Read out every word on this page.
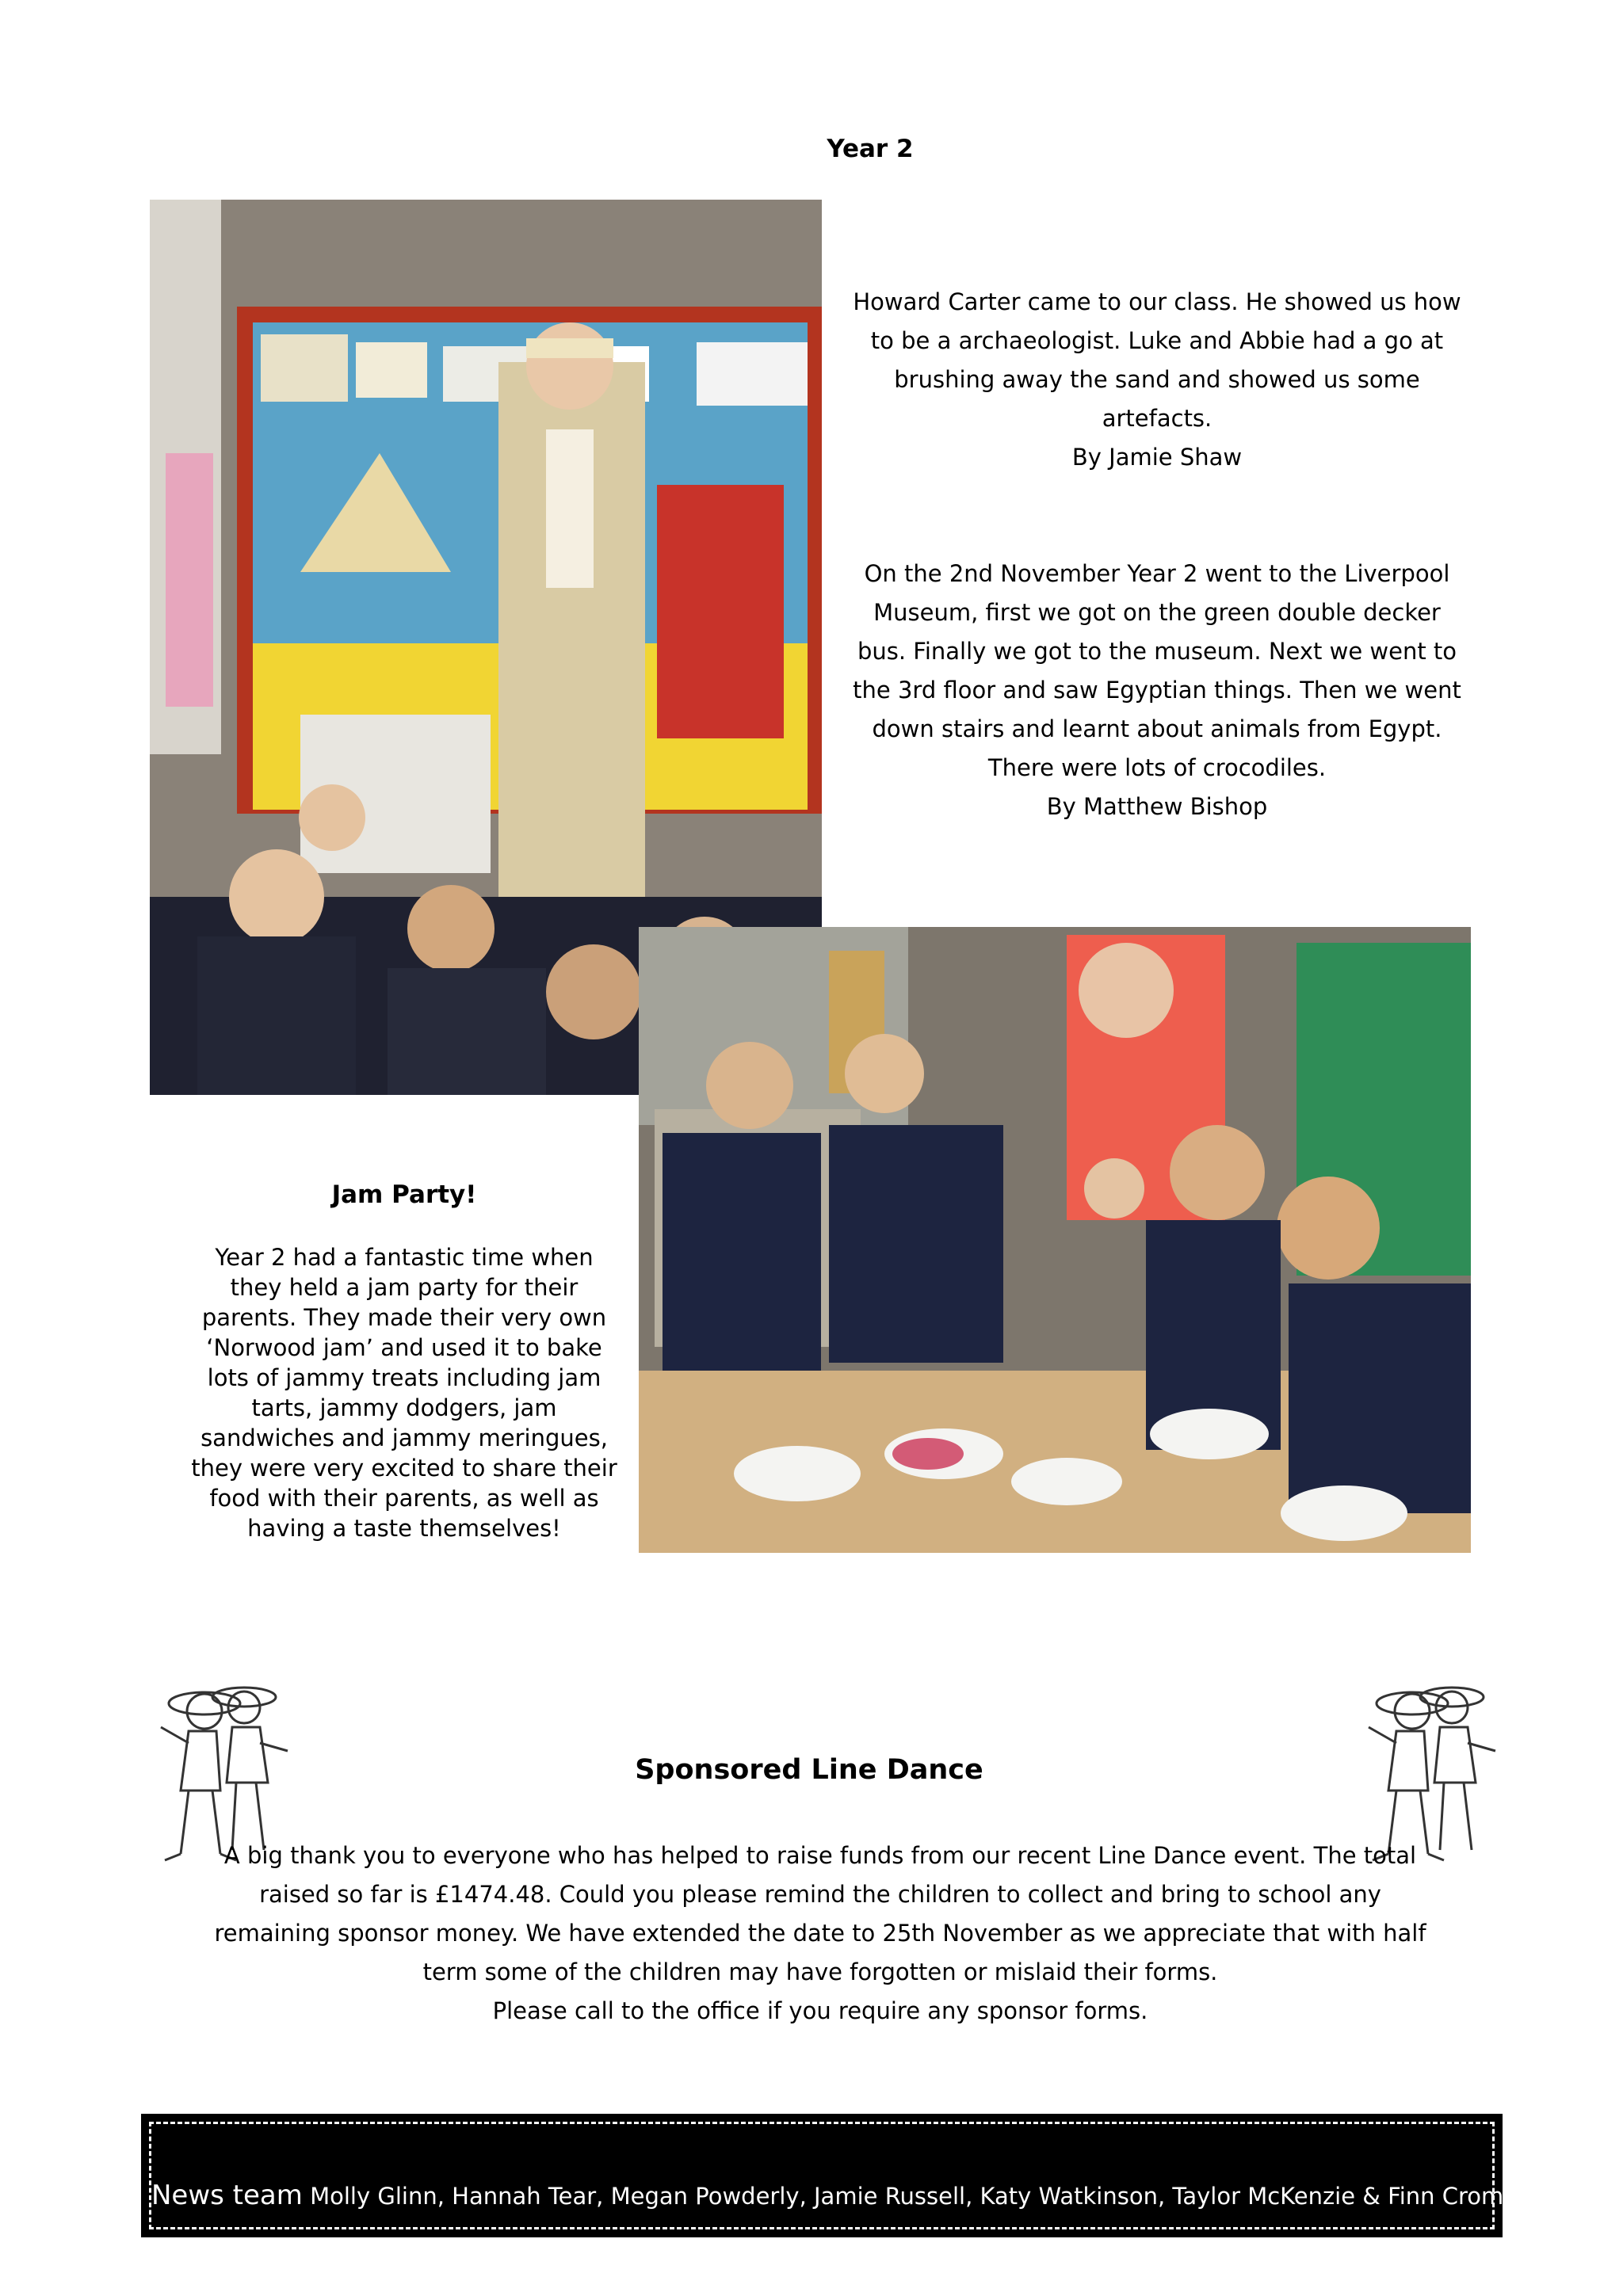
Year 2

Howard Carter came to our class. He showed us how to be a archaeologist. Luke and Abbie had a go at brushing away the sand and showed us some artefacts.

By Jamie Shaw

On the 2nd November Year 2 went to the Liverpool Museum, first we got on the green double decker bus. Finally we got to the museum. Next we went to the 3rd floor and saw Egyptian things. Then we went down stairs and learnt about animals from Egypt. There were lots of crocodiles.

By Matthew Bishop

Jam Party!
Year 2 had a fantastic time when they held a jam party for their parents. They made their very own ‘Norwood jam’ and used it to bake lots of jammy treats including jam tarts, jammy dodgers, jam sandwiches and jammy meringues, they were very excited to share their food with their parents, as well as having a taste themselves!
Sponsored Line Dance
A big thank you to everyone who has helped to raise funds from our recent Line Dance event. The total raised so far is £1474.48. Could you please remind the children to collect and bring to school any remaining sponsor money. We have extended the date to 25th November as we appreciate that with half term some of the children may have forgotten or mislaid their forms.
Please call to the office if you require any sponsor forms.
News team Molly Glinn, Hannah Tear, Megan Powderly, Jamie Russell, Katy Watkinson, Taylor McKenzie & Finn Cromack
